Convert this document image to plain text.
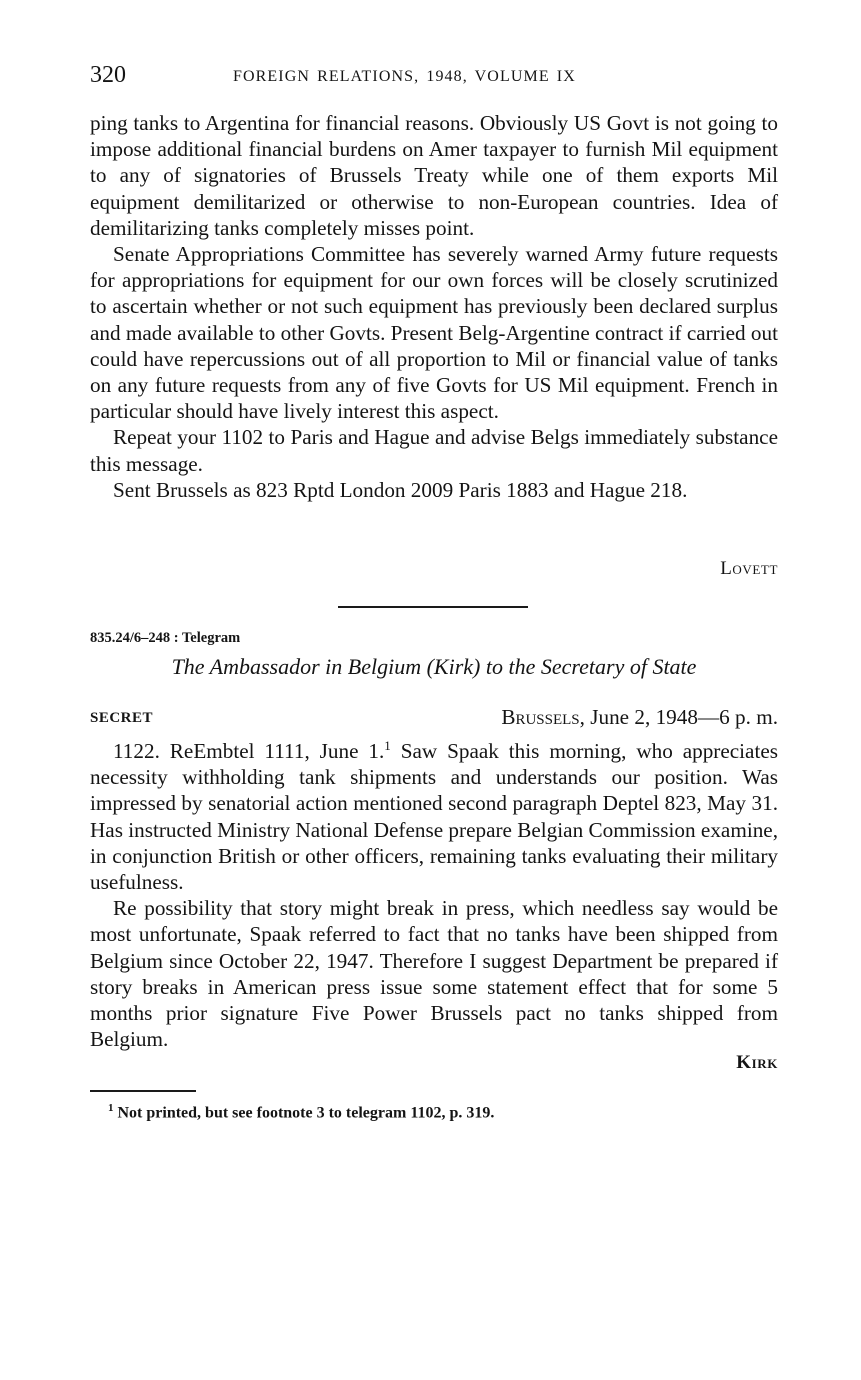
320	FOREIGN RELATIONS, 1948, VOLUME IX

ping tanks to Argentina for financial reasons. Obviously US Govt is not going to impose additional financial burdens on Amer taxpayer to furnish Mil equipment to any of signatories of Brussels Treaty while one of them exports Mil equipment demilitarized or otherwise to non-European countries. Idea of demilitarizing tanks completely misses point.

Senate Appropriations Committee has severely warned Army future requests for appropriations for equipment for our own forces will be closely scrutinized to ascertain whether or not such equipment has previously been declared surplus and made available to other Govts. Present Belg-Argentine contract if carried out could have repercussions out of all proportion to Mil or financial value of tanks on any future requests from any of five Govts for US Mil equipment. French in particular should have lively interest this aspect.

Repeat your 1102 to Paris and Hague and advise Belgs immediately substance this message.

Sent Brussels as 823 Rptd London 2009 Paris 1883 and Hague 218.

Lovett
835.24/6–248 : Telegram
The Ambassador in Belgium (Kirk) to the Secretary of State
SECRET	Brussels, June 2, 1948—6 p. m.

1122. ReEmbtel 1111, June 1.$^1$ Saw Spaak this morning, who appreciates necessity withholding tank shipments and understands our position. Was impressed by senatorial action mentioned second paragraph Deptel 823, May 31. Has instructed Ministry National Defense prepare Belgian Commission examine, in conjunction British or other officers, remaining tanks evaluating their military usefulness.

Re possibility that story might break in press, which needless say would be most unfortunate, Spaak referred to fact that no tanks have been shipped from Belgium since October 22, 1947. Therefore I suggest Department be prepared if story breaks in American press issue some statement effect that for some 5 months prior signature Five Power Brussels pact no tanks shipped from Belgium.

Kirk
$^1$ Not printed, but see footnote 3 to telegram 1102, p. 319.
